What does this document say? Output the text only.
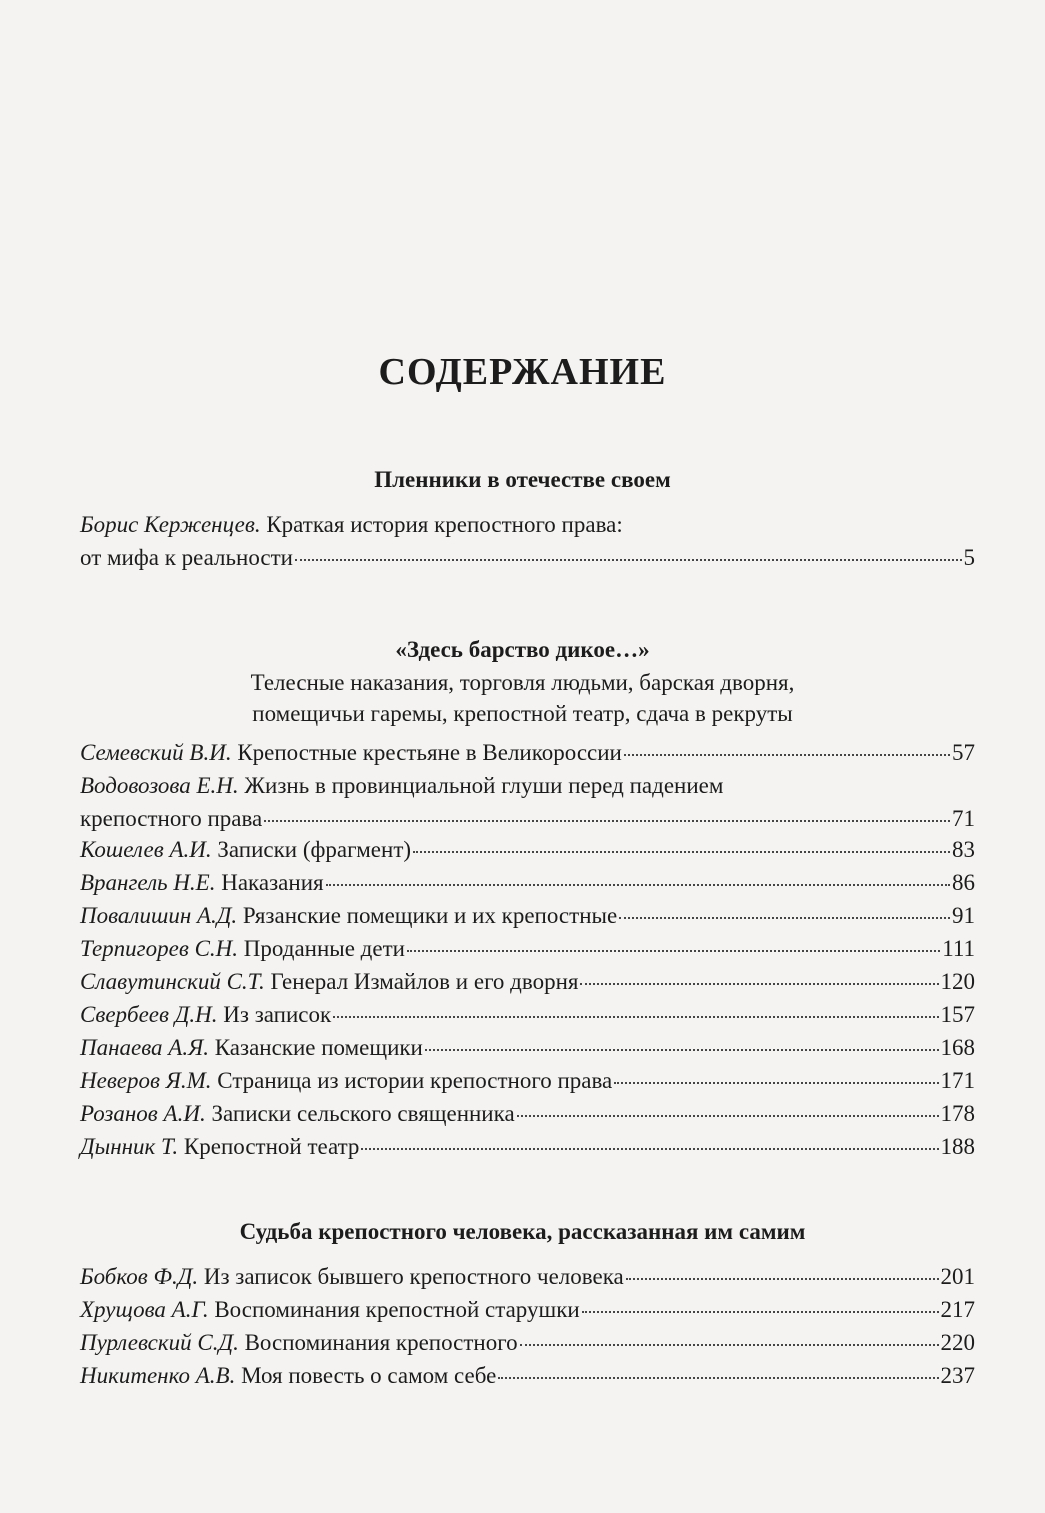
СОДЕРЖАНИЕ
Пленники в отечестве своем
Борис Керженцев. Краткая история крепостного права:
от мифа к реальности	5
«Здесь барство дикое…»
Телесные наказания, торговля людьми, барская дворня,
помещичьи гаремы, крепостной театр, сдача в рекруты
Семевский В.И. Крепостные крестьяне в Великороссии	57
Водовозова Е.Н. Жизнь в провинциальной глуши перед падением
крепостного права	71
Кошелев А.И. Записки (фрагмент)	83
Врангель Н.Е. Наказания	86
Повалишин А.Д. Рязанские помещики и их крепостные	91
Терпигорев С.Н. Проданные дети	111
Славутинский С.Т. Генерал Измайлов и его дворня	120
Свербеев Д.Н. Из записок	157
Панаева А.Я. Казанские помещики	168
Неверов Я.М. Страница из истории крепостного права	171
Розанов А.И. Записки сельского священника	178
Дынник Т. Крепостной театр	188
Судьба крепостного человека, рассказанная им самим
Бобков Ф.Д. Из записок бывшего крепостного человека	201
Хрущова А.Г. Воспоминания крепостной старушки	217
Пурлевский С.Д. Воспоминания крепостного	220
Никитенко А.В. Моя повесть о самом себе	237
